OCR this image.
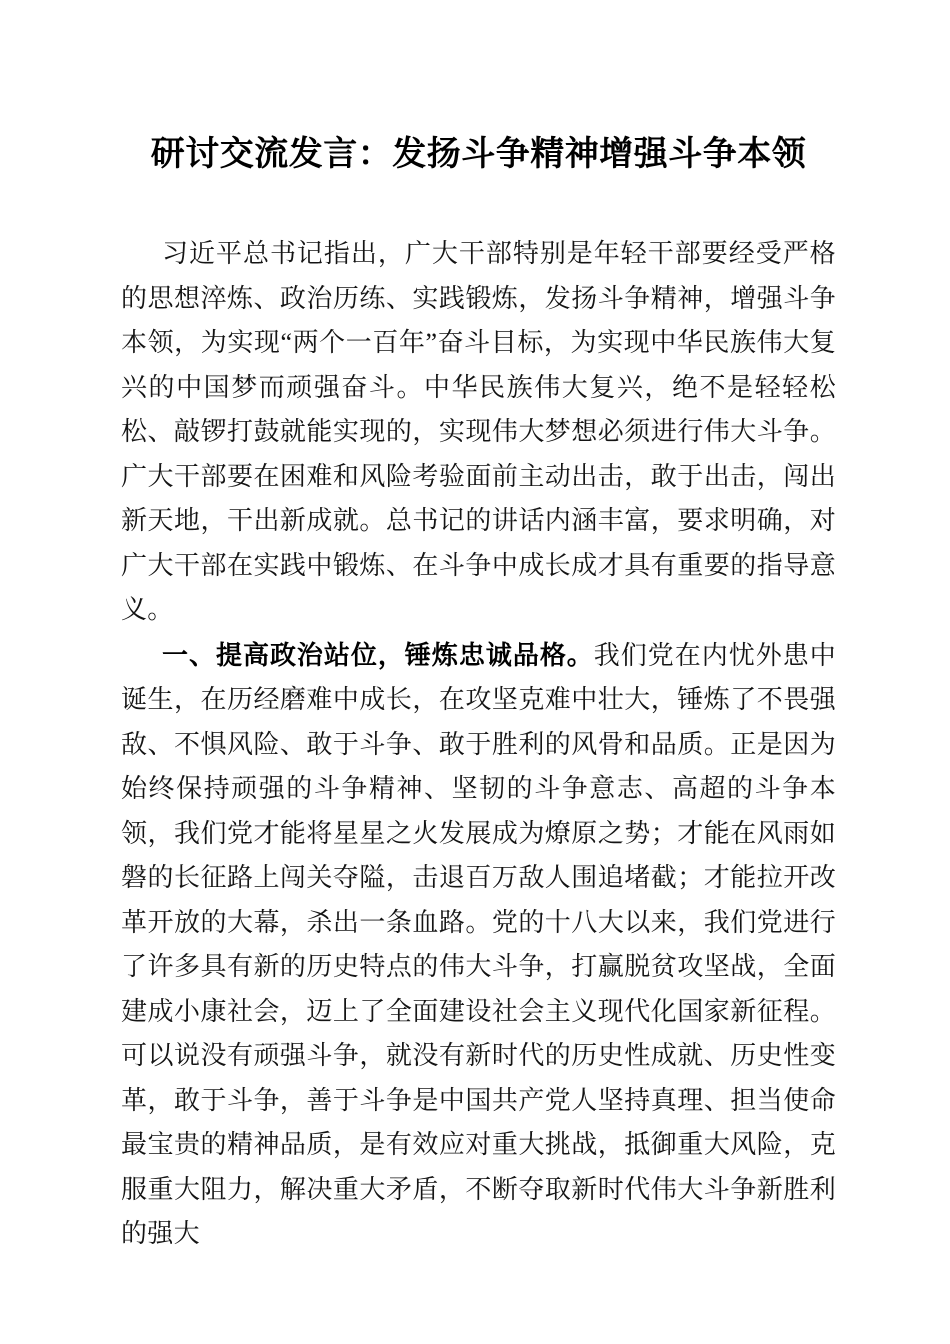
研讨交流发言：发扬斗争精神增强斗争本领

习近平总书记指出，广大干部特别是年轻干部要经受严格的思想淬炼、政治历练、实践锻炼，发扬斗争精神，增强斗争本领，为实现“两个一百年”奋斗目标，为实现中华民族伟大复兴的中国梦而顽强奋斗。中华民族伟大复兴，绝不是轻轻松松、敲锣打鼓就能实现的，实现伟大梦想必须进行伟大斗争。广大干部要在困难和风险考验面前主动出击，敢于出击，闯出新天地，干出新成就。总书记的讲话内涵丰富，要求明确，对广大干部在实践中锻炼、在斗争中成长成才具有重要的指导意义。

一、提高政治站位，锤炼忠诚品格。我们党在内忧外患中诞生，在历经磨难中成长，在攻坚克难中壮大，锤炼了不畏强敌、不惧风险、敢于斗争、敢于胜利的风骨和品质。正是因为始终保持顽强的斗争精神、坚韧的斗争意志、高超的斗争本领，我们党才能将星星之火发展成为燎原之势；才能在风雨如磐的长征路上闯关夺隘，击退百万敌人围追堵截；才能拉开改革开放的大幕，杀出一条血路。党的十八大以来，我们党进行了许多具有新的历史特点的伟大斗争，打赢脱贫攻坚战，全面建成小康社会，迈上了全面建设社会主义现代化国家新征程。可以说没有顽强斗争，就没有新时代的历史性成就、历史性变革，敢于斗争，善于斗争是中国共产党人坚持真理、担当使命最宝贵的精神品质，是有效应对重大挑战，抵御重大风险，克服重大阻力，解决重大矛盾，不断夺取新时代伟大斗争新胜利的强大
